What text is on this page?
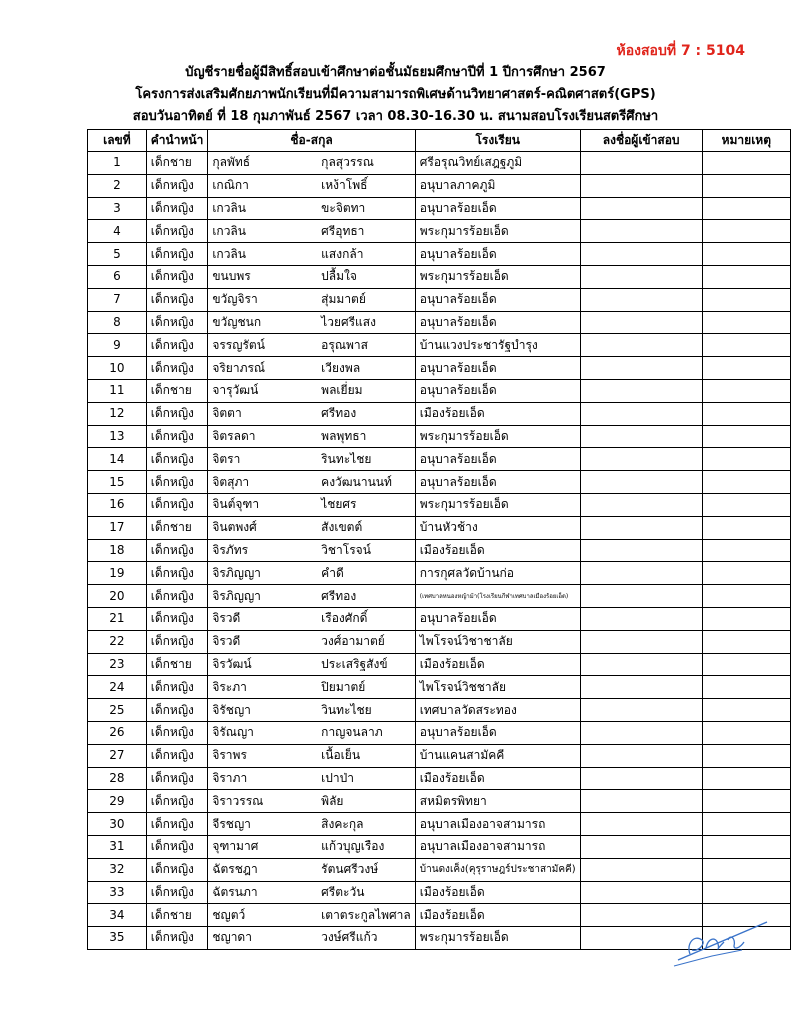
ห้องสอบที่ 7 : 5104
บัญชีรายชื่อผู้มีสิทธิ์สอบเข้าศึกษาต่อชั้นมัธยมศึกษาปีที่ 1 ปีการศึกษา 2567
โครงการส่งเสริมศักยภาพนักเรียนที่มีความสามารถพิเศษด้านวิทยาศาสตร์-คณิตศาสตร์(GPS)
สอบวันอาทิตย์ ที่ 18 กุมภาพันธ์ 2567 เวลา 08.30-16.30 น. สนามสอบโรงเรียนสตรีศึกษา
เลขที่	คำนำหน้า	ชื่อ-สกุล		โรงเรียน	ลงชื่อผู้เข้าสอบ	หมายเหตุ
1	เด็กชาย	กุลพัทธ์	กุลสุวรรณ	ศรีอรุณวิทย์เสฎฐภูมิ		
2	เด็กหญิง	เกณิกา	เหง้าโพธิ์	อนุบาลภาคภูมิ		
3	เด็กหญิง	เกวลิน	ขะจิตทา	อนุบาลร้อยเอ็ด		
4	เด็กหญิง	เกวลิน	ศรีอุทธา	พระกุมารร้อยเอ็ด		
5	เด็กหญิง	เกวลิน	แสงกล้า	อนุบาลร้อยเอ็ด		
6	เด็กหญิง	ขนบพร	ปลื้มใจ	พระกุมารร้อยเอ็ด		
7	เด็กหญิง	ขวัญจิรา	สุ่มมาตย์	อนุบาลร้อยเอ็ด		
8	เด็กหญิง	ขวัญชนก	ไวยศรีแสง	อนุบาลร้อยเอ็ด		
9	เด็กหญิง	จรรญรัตน์	อรุณพาส	บ้านแวงประชารัฐบำรุง		
10	เด็กหญิง	จริยาภรณ์	เวียงพล	อนุบาลร้อยเอ็ด		
11	เด็กชาย	จารุวัฒน์	พลเยี่ยม	อนุบาลร้อยเอ็ด		
12	เด็กหญิง	จิตตา	ศรีทอง	เมืองร้อยเอ็ด		
13	เด็กหญิง	จิตรลดา	พลพุทธา	พระกุมารร้อยเอ็ด		
14	เด็กหญิง	จิตรา	รินทะไชย	อนุบาลร้อยเอ็ด		
15	เด็กหญิง	จิตสุภา	คงวัฒนานนท์	อนุบาลร้อยเอ็ด		
16	เด็กหญิง	จินต์จุฑา	ไชยศร	พระกุมารร้อยเอ็ด		
17	เด็กชาย	จินตพงศ์	สังเขตต์	บ้านหัวช้าง		
18	เด็กหญิง	จิรภัทร	วิชาโรจน์	เมืองร้อยเอ็ด		
19	เด็กหญิง	จิรภิญญา	คำดี	การกุศลวัดบ้านก่อ		
20	เด็กหญิง	จิรภิญญา	ศรีทอง	(เทศบาลหนองหญ้าม้า(โรงเรียนกีฬาเทศบาลเมืองร้อยเอ็ด)		
21	เด็กหญิง	จิรวดี	เรืองศักดิ์	อนุบาลร้อยเอ็ด		
22	เด็กหญิง	จิรวดี	วงศ์อามาตย์	ไพโรจน์วิชาชาลัย		
23	เด็กชาย	จิรวัฒน์	ประเสริฐสังข์	เมืองร้อยเอ็ด		
24	เด็กหญิง	จิระภา	ปิยมาตย์	ไพโรจน์วิชชาลัย		
25	เด็กหญิง	จิรัชญา	วินทะไชย	เทศบาลวัดสระทอง		
26	เด็กหญิง	จิรัณญา	กาญจนลาภ	อนุบาลร้อยเอ็ด		
27	เด็กหญิง	จิราพร	เนื้อเย็น	บ้านแคนสามัคคี		
28	เด็กหญิง	จิราภา	เปาป่า	เมืองร้อยเอ็ด		
29	เด็กหญิง	จิราวรรณ	พิลัย	สหมิตรพิทยา		
30	เด็กหญิง	จีรชญา	สิงคะกุล	อนุบาลเมืองอาจสามารถ		
31	เด็กหญิง	จุฑามาศ	แก้วบุญเรือง	อนุบาลเมืองอาจสามารถ		
32	เด็กหญิง	ฉัตรชฎา	รัตนศรีวงษ์	บ้านดงเค็ง(คุรุราษฎร์ประชาสามัคคี)		
33	เด็กหญิง	ฉัตรนภา	ศรีตะวัน	เมืองร้อยเอ็ด		
34	เด็กชาย	ชญตว์	เตาตระกูลไพศาล	เมืองร้อยเอ็ด		
35	เด็กหญิง	ชญาดา	วงษ์ศรีแก้ว	พระกุมารร้อยเอ็ด		
